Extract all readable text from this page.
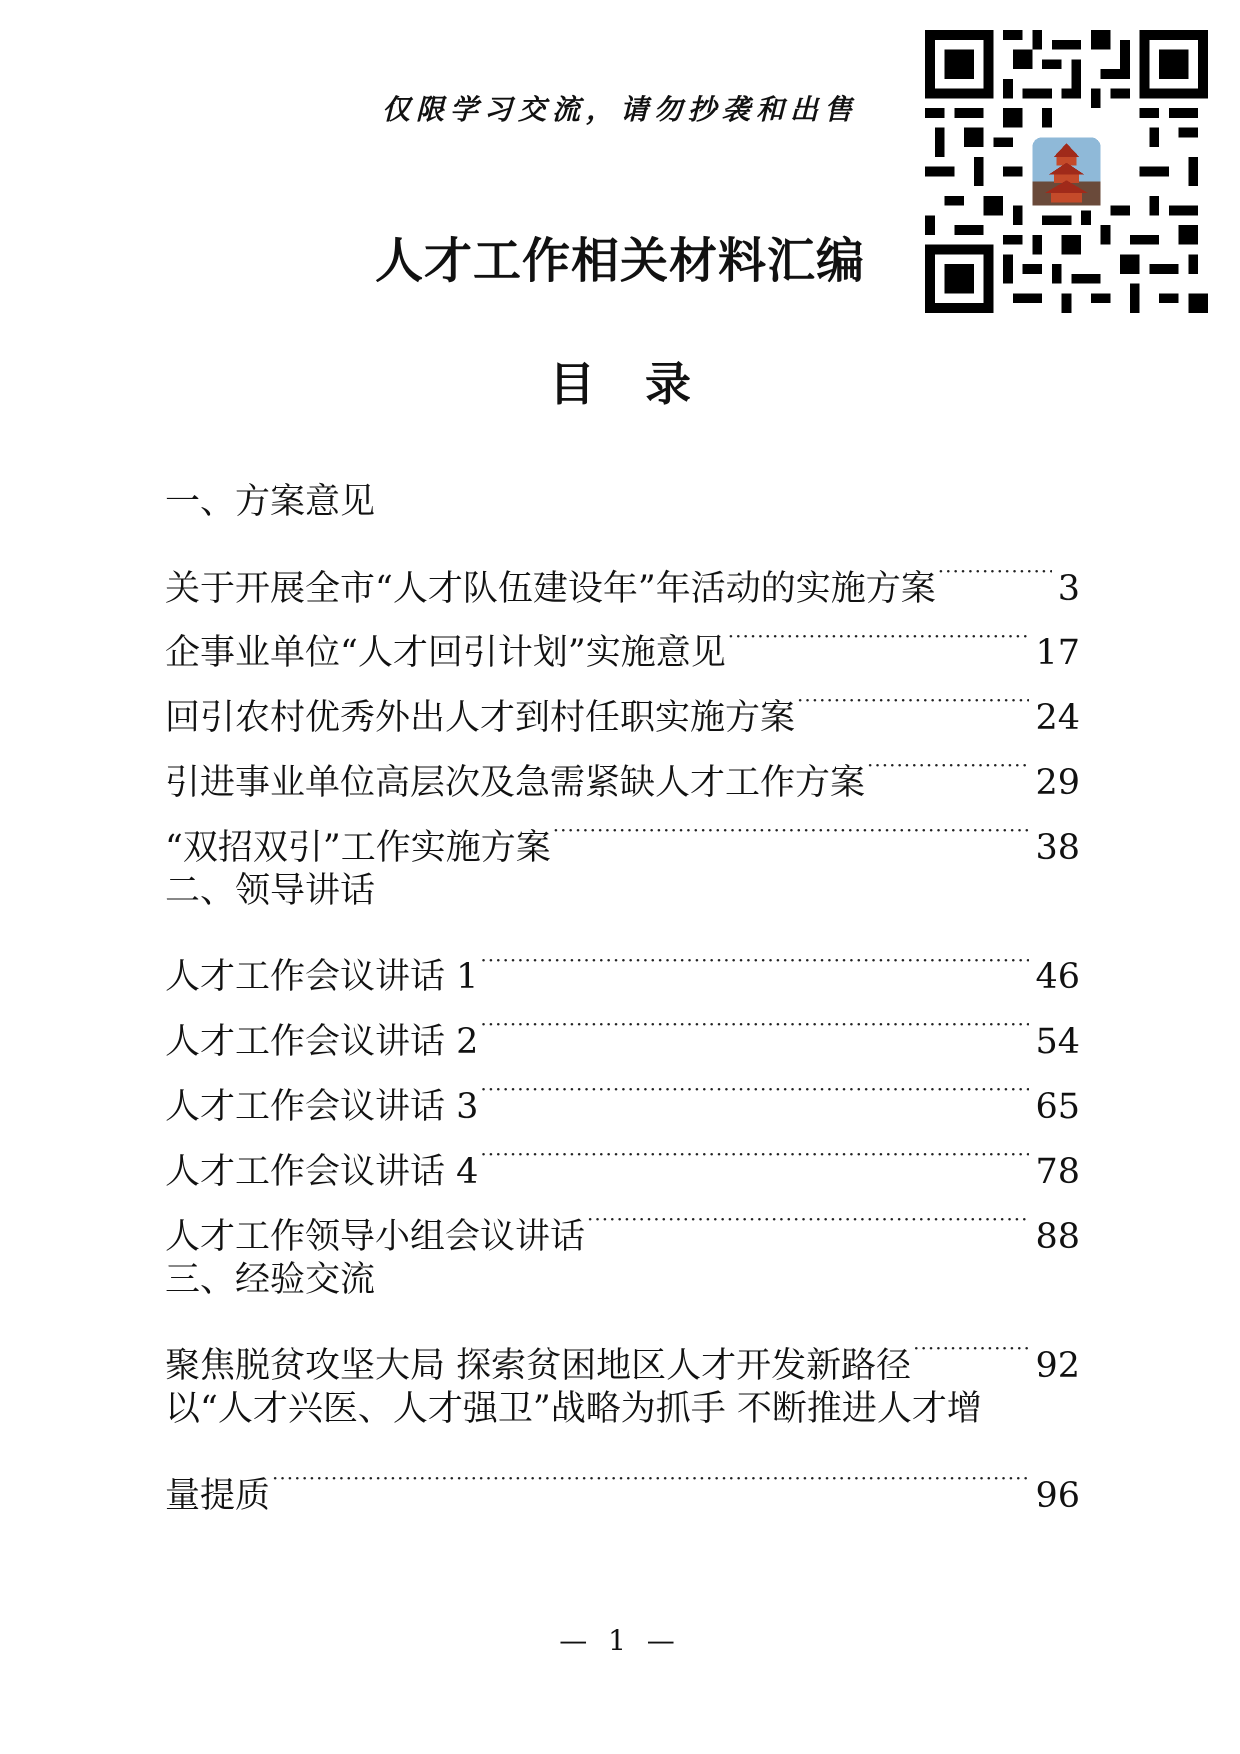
仅限学习交流，请勿抄袭和出售
人才工作相关材料汇编
目录
一、方案意见
关于开展全市“人才队伍建设年”年活动的实施方案 ·····	3
企事业单位“人才回引计划”实施意见 ·····	17
回引农村优秀外出人才到村任职实施方案 ·····	24
引进事业单位高层次及急需紧缺人才工作方案 ·····	29
“双招双引”工作实施方案 ·····	38
二、领导讲话
人才工作会议讲话 1 ·····	46
人才工作会议讲话 2 ·····	54
人才工作会议讲话 3 ·····	65
人才工作会议讲话 4 ·····	78
人才工作领导小组会议讲话 ·····	88
三、经验交流
聚焦脱贫攻坚大局 探索贫困地区人才开发新路径 ·····	92
以“人才兴医、人才强卫”战略为抓手 不断推进人才增
量提质 ·····	96
— 1 —
